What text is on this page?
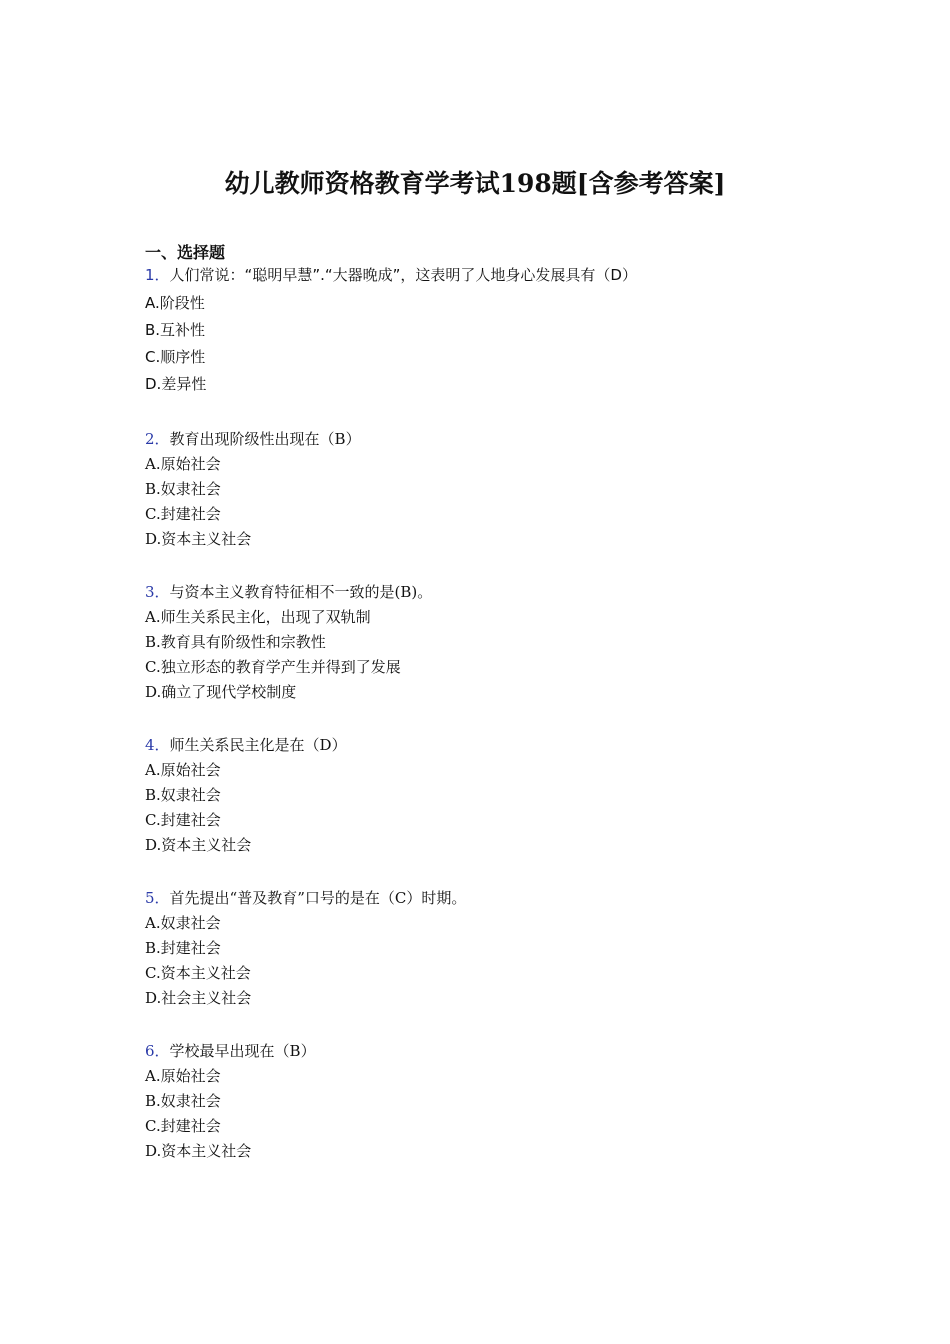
幼儿教师资格教育学考试198题[含参考答案]
一、选择题
1．人们常说：“聪明早慧”.“大器晚成”，这表明了人地身心发展具有（D）
A.阶段性
B.互补性
C.顺序性
D.差异性
2．教育出现阶级性出现在（B）
A.原始社会
B.奴隶社会
C.封建社会
D.资本主义社会
3．与资本主义教育特征相不一致的是(B)。
A.师生关系民主化，出现了双轨制
B.教育具有阶级性和宗教性
C.独立形态的教育学产生并得到了发展
D.确立了现代学校制度
4．师生关系民主化是在（D）
A.原始社会
B.奴隶社会
C.封建社会
D.资本主义社会
5．首先提出“普及教育”口号的是在（C）时期。
A.奴隶社会
B.封建社会
C.资本主义社会
D.社会主义社会
6．学校最早出现在（B）
A.原始社会
B.奴隶社会
C.封建社会
D.资本主义社会
